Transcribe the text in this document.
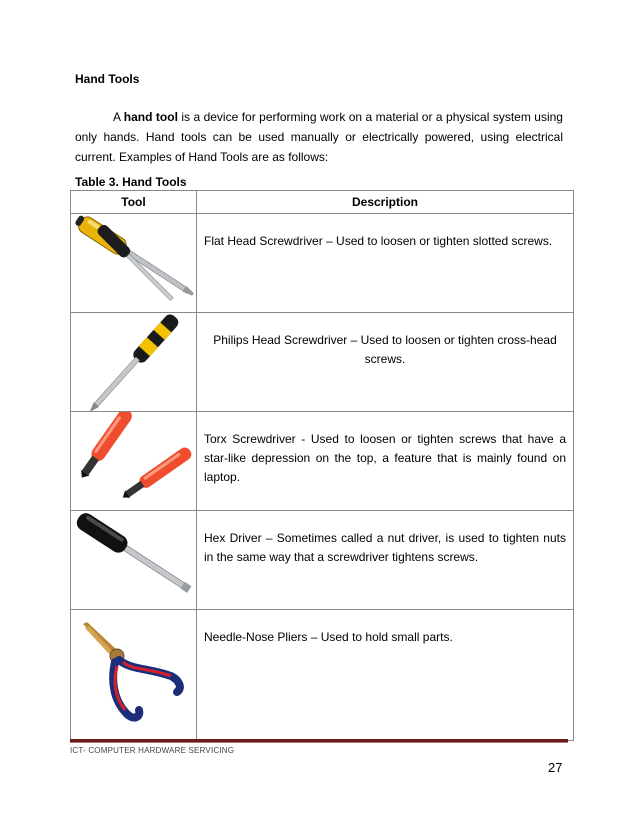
Hand Tools

A hand tool is a device for performing work on a material or a physical system using only hands. Hand tools can be used manually or electrically powered, using electrical current. Examples of Hand Tools are as follows:

Table 3. Hand Tools
Tool	Description

	Flat Head Screwdriver – Used to loosen or tighten slotted screws.

	Philips Head Screwdriver – Used to loosen or tighten cross-head screws.

	Torx Screwdriver - Used to loosen or tighten screws that have a star-like depression on the top, a feature that is mainly found on laptop.

	Hex Driver – Sometimes called a nut driver, is used to tighten nuts in the same way that a screwdriver tightens screws.

	Needle-Nose Pliers – Used to hold small parts.
ICT- COMPUTER HARDWARE SERVICING
27
